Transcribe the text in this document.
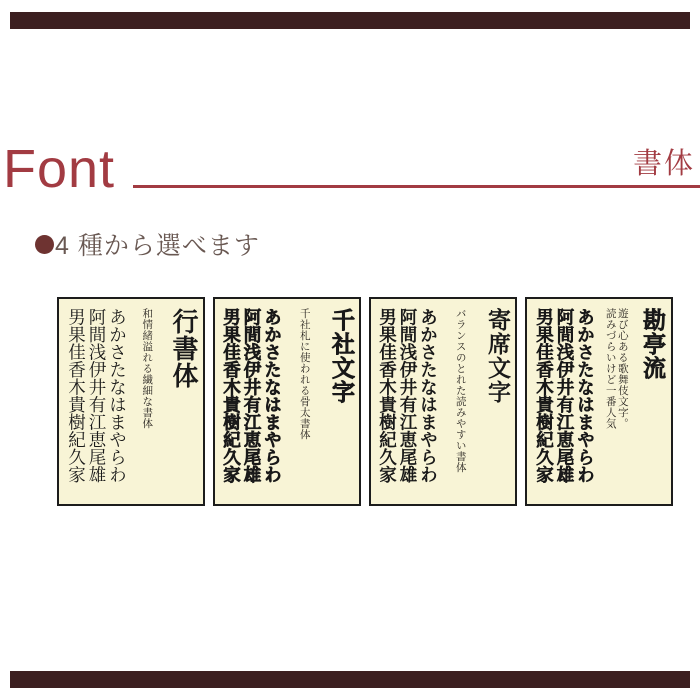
Font	書体
4 種から選べます
行書体
和情緒溢れる繊細な書体
あかさたなはまやらわ
阿間浅伊井有江恵尾雄
男果佳香木貴樹紀久家	千社文字
千社札に使われる骨太書体
あかさたなはまやらわ
阿間浅伊井有江恵尾雄
男果佳香木貴樹紀久家	寄席文字
バランスのとれた読みやすい書体
あかさたなはまやらわ
阿間浅伊井有江恵尾雄
男果佳香木貴樹紀久家	勘亭流
遊び心ある歌舞伎文字。
読みづらいけど一番人気
あかさたなはまやらわ
阿間浅伊井有江恵尾雄
男果佳香木貴樹紀久家
